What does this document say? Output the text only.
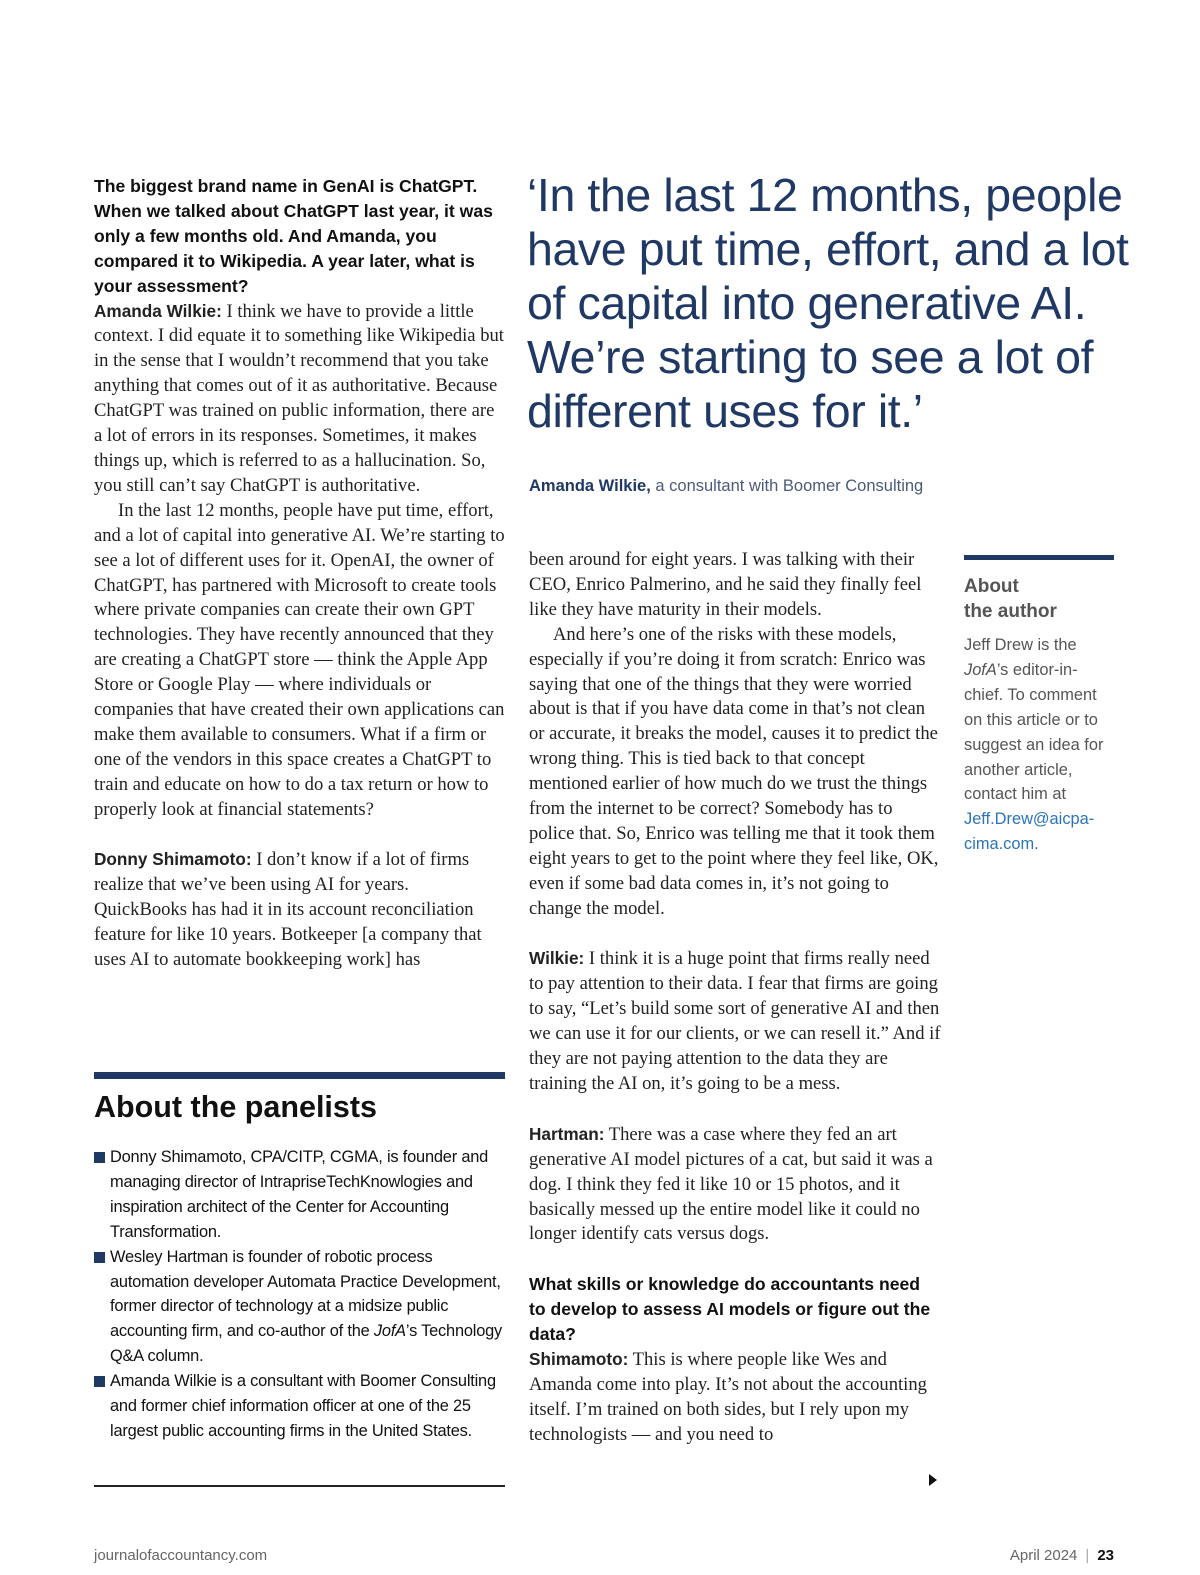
The biggest brand name in GenAI is ChatGPT. When we talked about ChatGPT last year, it was only a few months old. And Amanda, you compared it to Wikipedia. A year later, what is your assessment?

Amanda Wilkie: I think we have to provide a little context. I did equate it to something like Wikipedia but in the sense that I wouldn’t recommend that you take anything that comes out of it as authoritative. Because ChatGPT was trained on public information, there are a lot of errors in its responses. Sometimes, it makes things up, which is referred to as a hallucination. So, you still can’t say ChatGPT is authoritative.

In the last 12 months, people have put time, effort, and a lot of capital into generative AI. We’re starting to see a lot of different uses for it. OpenAI, the owner of ChatGPT, has partnered with Microsoft to create tools where private companies can create their own GPT technologies. They have recently announced that they are creating a ChatGPT store — think the Apple App Store or Google Play — where individuals or companies that have created their own applications can make them available to consumers. What if a firm or one of the vendors in this space creates a ChatGPT to train and educate on how to do a tax return or how to properly look at financial statements?

Donny Shimamoto: I don’t know if a lot of firms realize that we’ve been using AI for years. QuickBooks has had it in its account reconciliation feature for like 10 years. Botkeeper [a company that uses AI to automate bookkeeping work] has

‘In the last 12 months, people have put time, effort, and a lot of capital into generative AI. We’re starting to see a lot of different uses for it.’
Amanda Wilkie, a consultant with Boomer Consulting

been around for eight years. I was talking with their CEO, Enrico Palmerino, and he said they finally feel like they have maturity in their models.

And here’s one of the risks with these models, especially if you’re doing it from scratch: Enrico was saying that one of the things that they were worried about is that if you have data come in that’s not clean or accurate, it breaks the model, causes it to predict the wrong thing. This is tied back to that concept mentioned earlier of how much do we trust the things from the internet to be correct? Somebody has to police that. So, Enrico was telling me that it took them eight years to get to the point where they feel like, OK, even if some bad data comes in, it’s not going to change the model.

Wilkie: I think it is a huge point that firms really need to pay attention to their data. I fear that firms are going to say, “Let’s build some sort of generative AI and then we can use it for our clients, or we can resell it.” And if they are not paying attention to the data they are training the AI on, it’s going to be a mess.

Hartman: There was a case where they fed an art generative AI model pictures of a cat, but said it was a dog. I think they fed it like 10 or 15 photos, and it basically messed up the entire model like it could no longer identify cats versus dogs.

What skills or knowledge do accountants need to develop to assess AI models or figure out the data?

Shimamoto: This is where people like Wes and Amanda come into play. It’s not about the accounting itself. I’m trained on both sides, but I rely upon my technologists — and you need to

About the panelists
Donny Shimamoto, CPA/CITP, CGMA, is founder and managing director of IntrapriseTechKnowlogies and inspiration architect of the Center for Accounting Transformation.
Wesley Hartman is founder of robotic process automation developer Automata Practice Development, former director of technology at a midsize public accounting firm, and co-author of the JofA’s Technology Q&A column.
Amanda Wilkie is a consultant with Boomer Consulting and former chief information officer at one of the 25 largest public accounting firms in the United States.
About
the author
Jeff Drew is the JofA’s editor-in-chief. To comment on this article or to suggest an idea for another article, contact him at Jeff.Drew@aicpa-cima.com.
journalofaccountancy.com	April 2024 | 23
